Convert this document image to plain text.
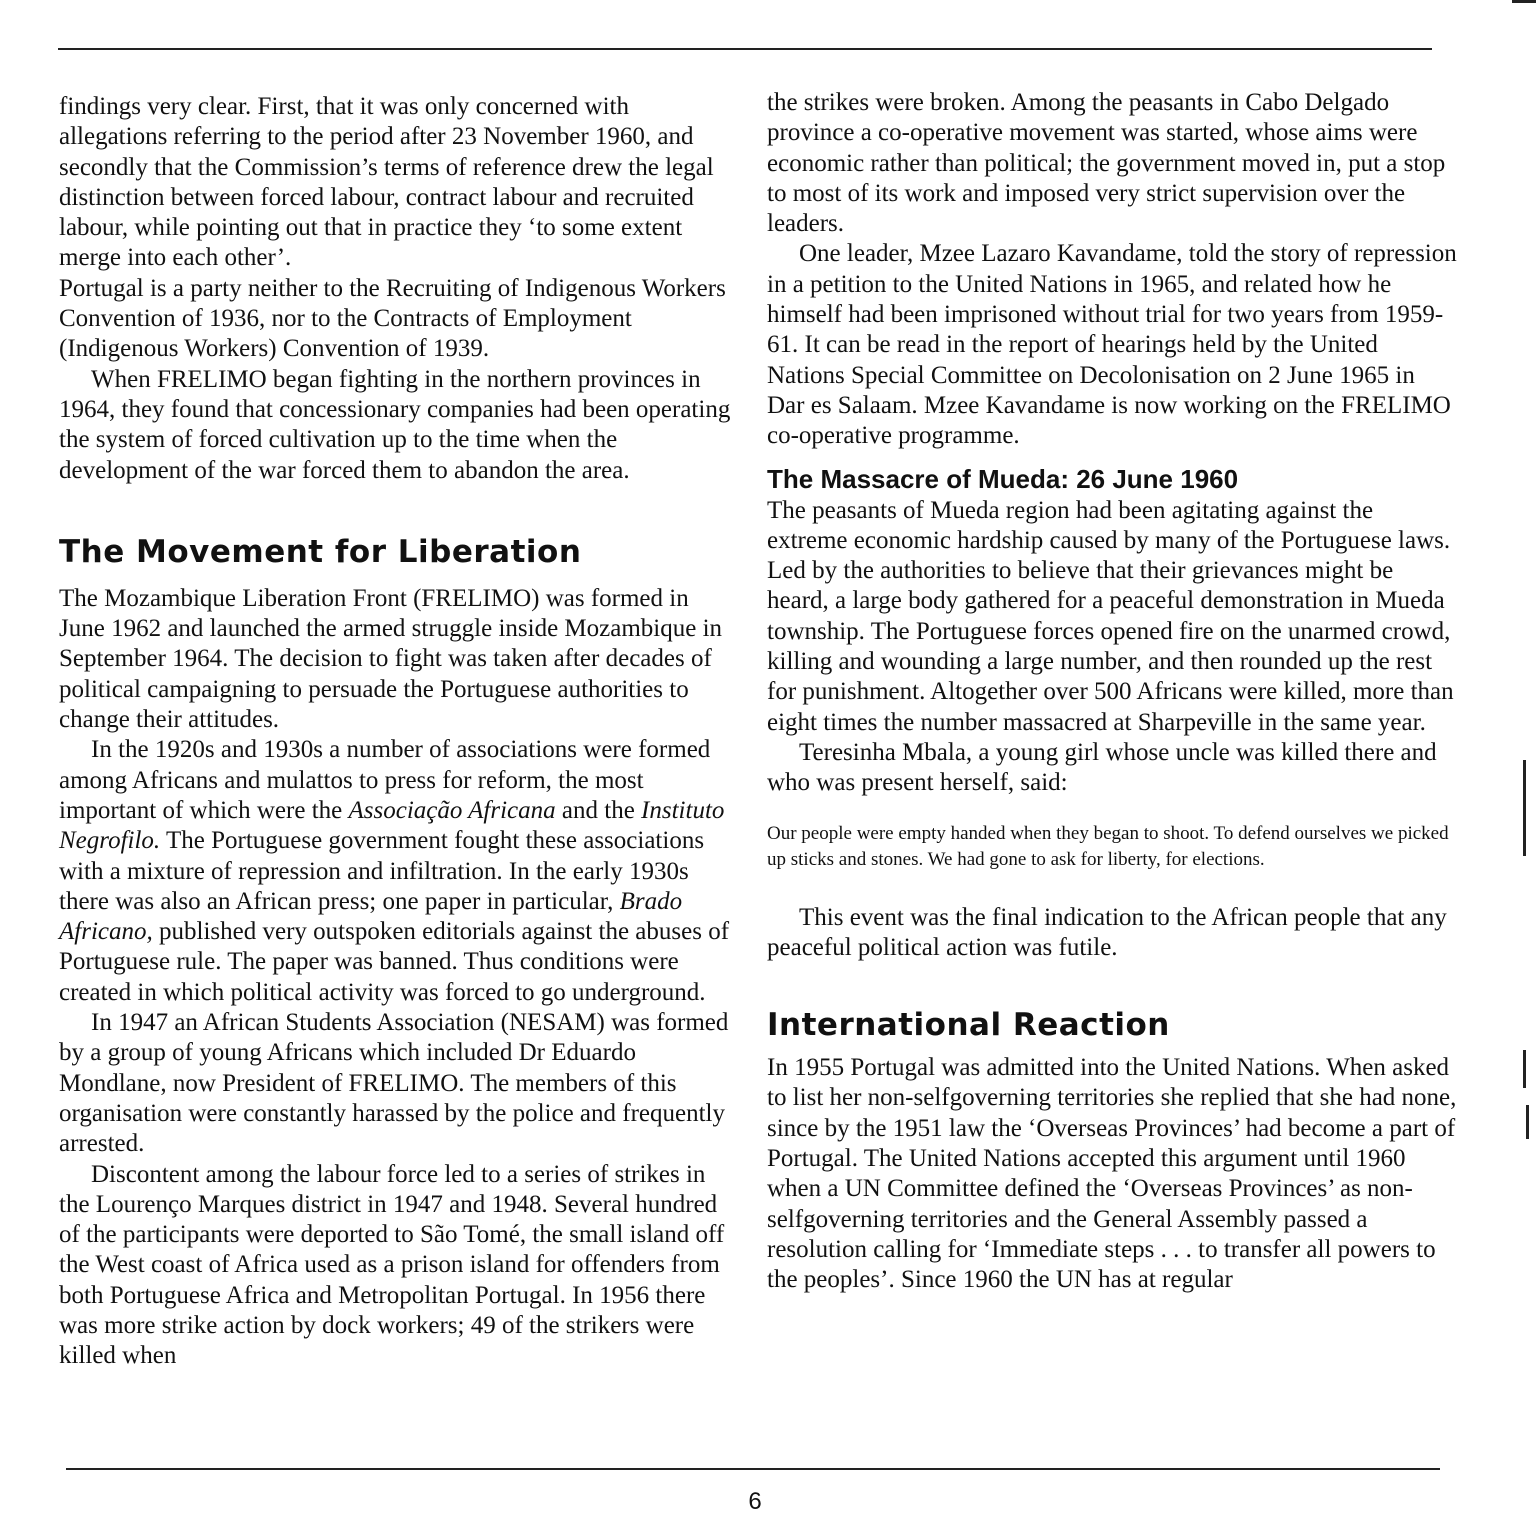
findings very clear. First, that it was only concerned with allegations referring to the period after 23 November 1960, and secondly that the Commission’s terms of reference drew the legal distinction between forced labour, contract labour and recruited labour, while pointing out that in practice they ‘to some extent merge into each other’.

Portugal is a party neither to the Recruiting of Indigenous Workers Convention of 1936, nor to the Contracts of Employment (Indigenous Workers) Convention of 1939.

When FRELIMO began fighting in the northern provinces in 1964, they found that concessionary companies had been operating the system of forced cultivation up to the time when the development of the war forced them to abandon the area.

The Movement for Liberation

The Mozambique Liberation Front (FRELIMO) was formed in June 1962 and launched the armed struggle inside Mozambique in September 1964. The decision to fight was taken after decades of political campaigning to persuade the Portuguese authorities to change their attitudes.

In the 1920s and 1930s a number of associations were formed among Africans and mulattos to press for reform, the most important of which were the Associação Africana and the Instituto Negrofilo. The Portuguese government fought these associations with a mixture of repression and infiltration. In the early 1930s there was also an African press; one paper in particular, Brado Africano, published very outspoken editorials against the abuses of Portuguese rule. The paper was banned. Thus conditions were created in which political activity was forced to go underground.

In 1947 an African Students Association (NESAM) was formed by a group of young Africans which included Dr Eduardo Mondlane, now President of FRELIMO. The members of this organisation were constantly harassed by the police and frequently arrested.

Discontent among the labour force led to a series of strikes in the Lourenço Marques district in 1947 and 1948. Several hundred of the participants were deported to São Tomé, the small island off the West coast of Africa used as a prison island for offenders from both Portuguese Africa and Metropolitan Portugal. In 1956 there was more strike action by dock workers; 49 of the strikers were killed when

the strikes were broken. Among the peasants in Cabo Delgado province a co-operative movement was started, whose aims were economic rather than political; the government moved in, put a stop to most of its work and imposed very strict supervision over the leaders.

One leader, Mzee Lazaro Kavandame, told the story of repression in a petition to the United Nations in 1965, and related how he himself had been imprisoned without trial for two years from 1959-61. It can be read in the report of hearings held by the United Nations Special Committee on Decolonisation on 2 June 1965 in Dar es Salaam. Mzee Kavandame is now working on the FRELIMO co-operative programme.

The Massacre of Mueda: 26 June 1960

The peasants of Mueda region had been agitating against the extreme economic hardship caused by many of the Portuguese laws. Led by the authorities to believe that their grievances might be heard, a large body gathered for a peaceful demonstration in Mueda township. The Portuguese forces opened fire on the unarmed crowd, killing and wounding a large number, and then rounded up the rest for punishment. Altogether over 500 Africans were killed, more than eight times the number massacred at Sharpeville in the same year.

Teresinha Mbala, a young girl whose uncle was killed there and who was present herself, said:

Our people were empty handed when they began to shoot. To defend ourselves we picked up sticks and stones. We had gone to ask for liberty, for elections.

This event was the final indication to the African people that any peaceful political action was futile.

International Reaction

In 1955 Portugal was admitted into the United Nations. When asked to list her non-selfgoverning territories she replied that she had none, since by the 1951 law the ‘Overseas Provinces’ had become a part of Portugal. The United Nations accepted this argument until 1960 when a UN Committee defined the ‘Overseas Provinces’ as non-selfgoverning territories and the General Assembly passed a resolution calling for ‘Immediate steps . . . to transfer all powers to the peoples’. Since 1960 the UN has at regular

6
